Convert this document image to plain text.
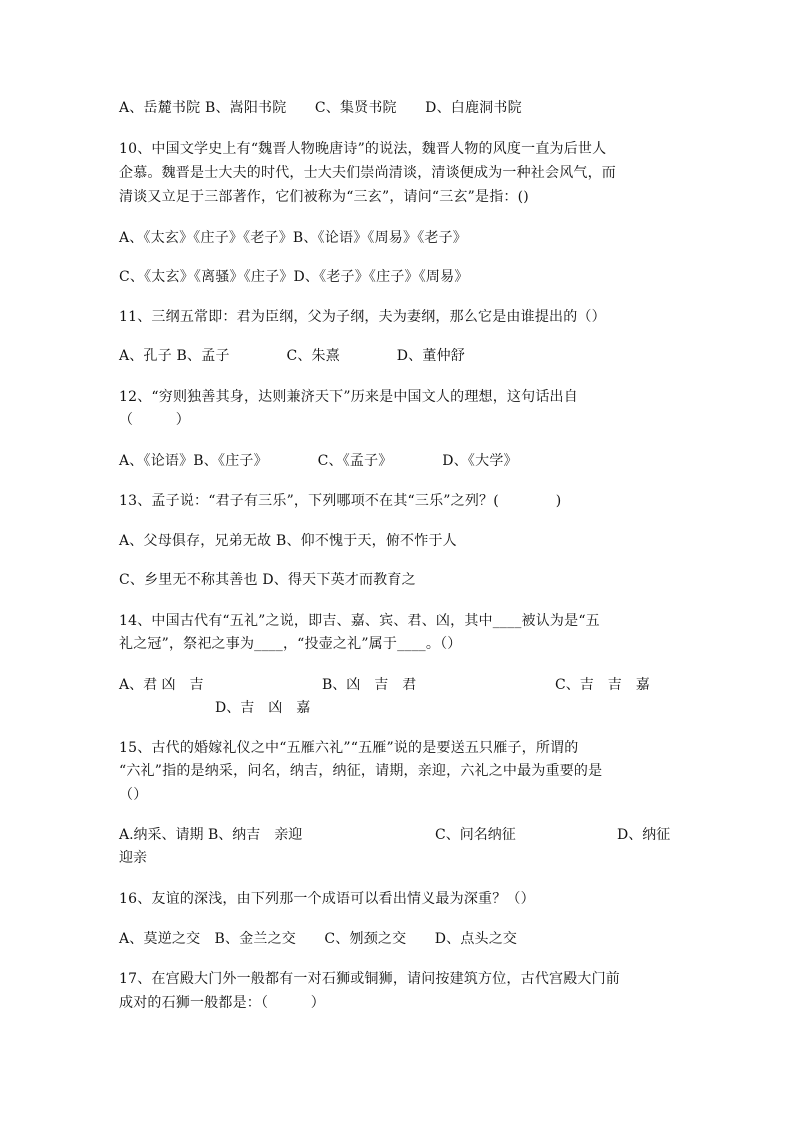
A、岳麓书院 B、嵩阳书院　　C、集贤书院　　D、白鹿洞书院
10、中国文学史上有“魏晋人物晚唐诗”的说法，魏晋人物的风度一直为后世人
企慕。魏晋是士大夫的时代，士大夫们崇尚清谈，清谈便成为一种社会风气，而
清谈又立足于三部著作，它们被称为“三玄”，请问“三玄”是指：()
A、《太玄》《庄子》《老子》B、《论语》《周易》《老子》
C、《太玄》《离骚》《庄子》D、《老子》《庄子》《周易》
11、三纲五常即：君为臣纲，父为子纲，夫为妻纲，那么它是由谁提出的（）
A、孔子 B、孟子　　　　C、朱熹　　　　D、董仲舒
12、“穷则独善其身，达则兼济天下”历来是中国文人的理想，这句话出自
（　　　）
A、《论语》B、《庄子》　　　　C、《孟子》　　　　D、《大学》
13、孟子说：“君子有三乐”，下列哪项不在其“三乐”之列？(　　　　)
A、父母俱存，兄弟无故 B、仰不愧于天，俯不怍于人
C、乡里无不称其善也 D、得天下英才而教育之
14、中国古代有“五礼”之说，即吉、嘉、宾、君、凶，其中____被认为是“五
礼之冠”，祭祀之事为____，“投壶之礼”属于____。（）
A、君 凶　吉	B、凶　吉　君	C、吉　吉　嘉
D、吉　凶　嘉
15、古代的婚嫁礼仪之中“五雁六礼”“五雁”说的是要送五只雁子，所谓的
“六礼”指的是纳采，问名，纳吉，纳征，请期，亲迎，六礼之中最为重要的是
（）
A.纳采、请期 B、纳吉　亲迎	C、问名纳征	D、纳征
迎亲
16、友谊的深浅，由下列那一个成语可以看出情义最为深重？（）
A、莫逆之交　B、金兰之交　　C、刎颈之交　　D、点头之交
17、在宫殿大门外一般都有一对石狮或铜狮，请问按建筑方位，古代宫殿大门前
成对的石狮一般都是：（　　　）
